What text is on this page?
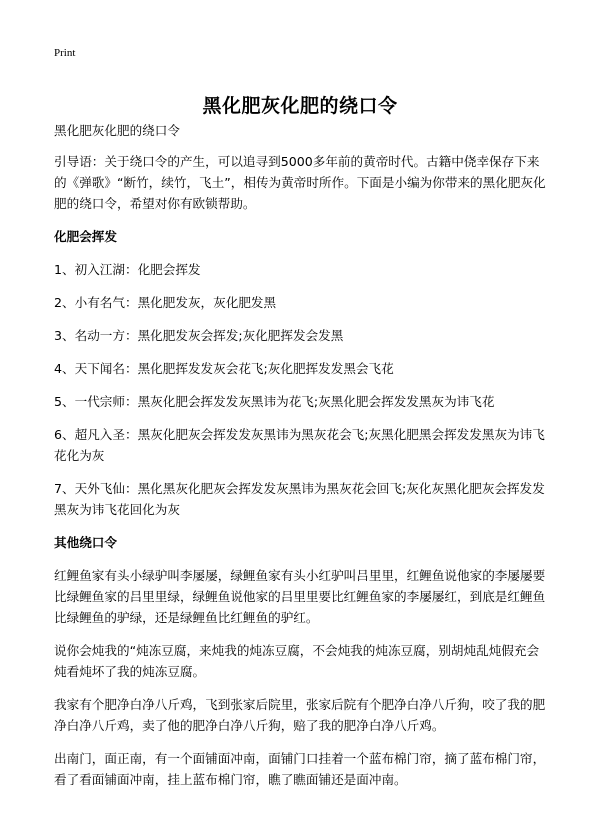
Print
黑化肥灰化肥的绕口令

黑化肥灰化肥的绕口令

引导语：关于绕口令的产生，可以追寻到5000多年前的黄帝时代。古籍中侥幸保存下来的《弹歌》“断竹，续竹，飞土”，相传为黄帝时所作。下面是小编为你带来的黑化肥灰化肥的绕口令，希望对你有欧锁帮助。

化肥会挥发

1、初入江湖：化肥会挥发

2、小有名气：黑化肥发灰，灰化肥发黑

3、名动一方：黑化肥发灰会挥发;灰化肥挥发会发黑

4、天下闻名：黑化肥挥发发灰会花飞;灰化肥挥发发黑会飞花

5、一代宗师：黑灰化肥会挥发发灰黑讳为花飞;灰黑化肥会挥发发黑灰为讳飞花

6、超凡入圣：黑灰化肥灰会挥发发灰黑讳为黑灰花会飞;灰黑化肥黑会挥发发黑灰为讳飞花化为灰

7、天外飞仙：黑化黑灰化肥灰会挥发发灰黑讳为黑灰花会回飞;灰化灰黑化肥灰会挥发发黑灰为讳飞花回化为灰

其他绕口令

红鲤鱼家有头小绿驴叫李屡屡，绿鲤鱼家有头小红驴叫吕里里，红鲤鱼说他家的李屡屡要比绿鲤鱼家的吕里里绿，绿鲤鱼说他家的吕里里要比红鲤鱼家的李屡屡红，到底是红鲤鱼比绿鲤鱼的驴绿，还是绿鲤鱼比红鲤鱼的驴红。

说你会炖我的“炖冻豆腐，来炖我的炖冻豆腐，不会炖我的炖冻豆腐，别胡炖乱炖假充会炖看炖坏了我的炖冻豆腐。

我家有个肥净白净八斤鸡，飞到张家后院里，张家后院有个肥净白净八斤狗，咬了我的肥净白净八斤鸡，卖了他的肥净白净八斤狗，赔了我的肥净白净八斤鸡。

出南门，面正南，有一个面铺面冲南，面铺门口挂着一个蓝布棉门帘，摘了蓝布棉门帘，看了看面铺面冲南，挂上蓝布棉门帘，瞧了瞧面铺还是面冲南。
